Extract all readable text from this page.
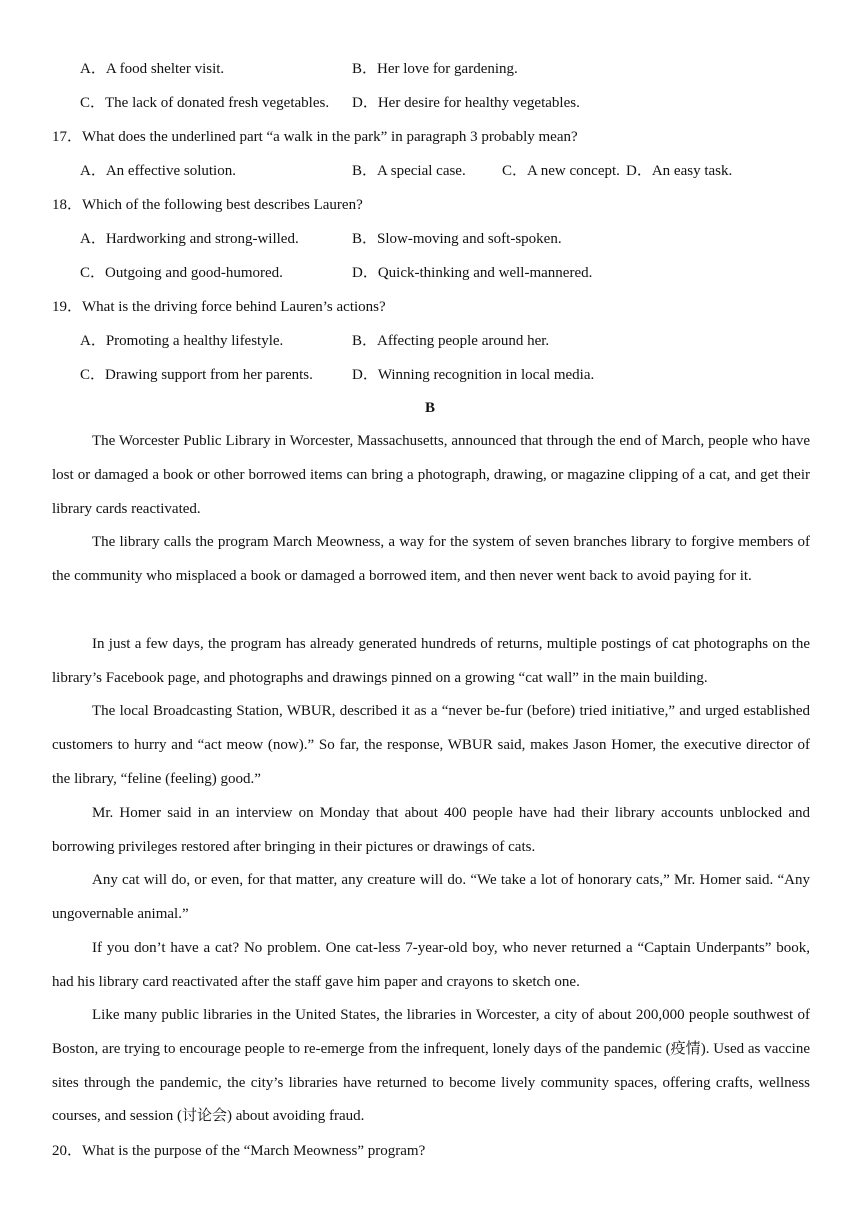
A．A food shelter visit.	B．Her love for gardening.
C．The lack of donated fresh vegetables. D．Her desire for healthy vegetables.
17．What does the underlined part “a walk in the park” in paragraph 3 probably mean?
A．An effective solution.	B．A special case. C．A new concept. D．An easy task.
18．Which of the following best describes Lauren?
A．Hardworking and strong-willed.	B．Slow-moving and soft-spoken.
C．Outgoing and good-humored.	D．Quick-thinking and well-mannered.
19．What is the driving force behind Lauren’s actions?
A．Promoting a healthy lifestyle.	B．Affecting people around her.
C．Drawing support from her parents.	D．Winning recognition in local media.
B
The Worcester Public Library in Worcester, Massachusetts, announced that through the end of March, people who have lost or damaged a book or other borrowed items can bring a photograph, drawing, or magazine clipping of a cat, and get their library cards reactivated.
The library calls the program March Meowness, a way for the system of seven branches library to forgive members of the community who misplaced a book or damaged a borrowed item, and then never went back to avoid paying for it.
In just a few days, the program has already generated hundreds of returns, multiple postings of cat photographs on the library’s Facebook page, and photographs and drawings pinned on a growing “cat wall” in the main building.
The local Broadcasting Station, WBUR, described it as a “never be-fur (before) tried initiative,” and urged established customers to hurry and “act meow (now).” So far, the response, WBUR said, makes Jason Homer, the executive director of the library, “feline (feeling) good.”
Mr. Homer said in an interview on Monday that about 400 people have had their library accounts unblocked and borrowing privileges restored after bringing in their pictures or drawings of cats.
Any cat will do, or even, for that matter, any creature will do. “We take a lot of honorary cats,” Mr. Homer said. “Any ungovernable animal.”
If you don’t have a cat? No problem. One cat-less 7-year-old boy, who never returned a “Captain Underpants” book, had his library card reactivated after the staff gave him paper and crayons to sketch one.
Like many public libraries in the United States, the libraries in Worcester, a city of about 200,000 people southwest of Boston, are trying to encourage people to re-emerge from the infrequent, lonely days of the pandemic (疫情). Used as vaccine sites through the pandemic, the city’s libraries have returned to become lively community spaces, offering crafts, wellness courses, and session (讨论会) about avoiding fraud.
20．What is the purpose of the “March Meowness” program?
